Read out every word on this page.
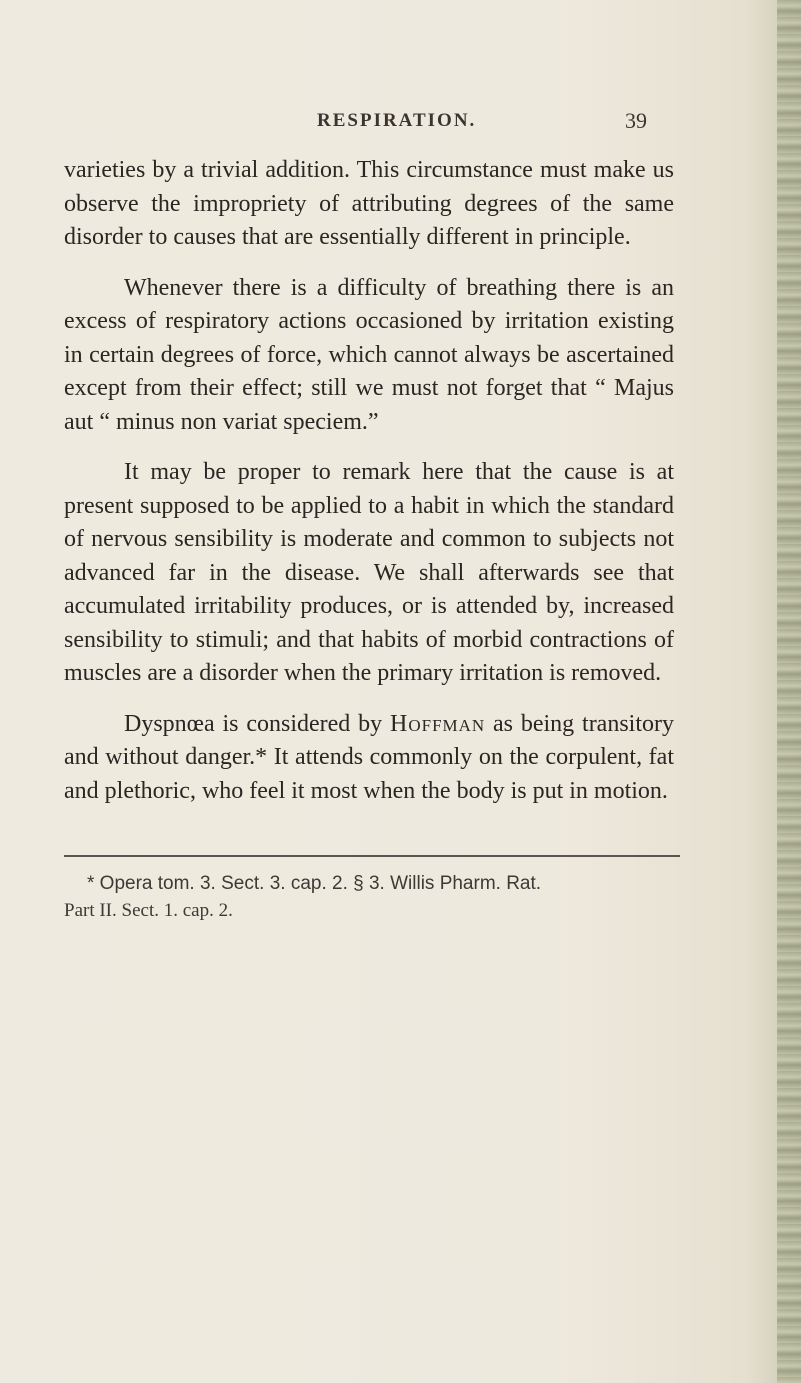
RESPIRATION.	39

varieties by a trivial addition. This circumstance must make us observe the impropriety of attributing degrees of the same disorder to causes that are essentially different in principle.

Whenever there is a difficulty of breathing there is an excess of respiratory actions occasioned by irritation existing in certain degrees of force, which cannot always be ascertained except from their effect; still we must not forget that “ Majus aut “ minus non variat speciem.”

It may be proper to remark here that the cause is at present supposed to be applied to a habit in which the standard of nervous sensibility is moderate and common to subjects not advanced far in the disease. We shall afterwards see that accumulated irritability produces, or is attended by, increased sensibility to stimuli; and that habits of morbid contractions of muscles are a disorder when the primary irritation is removed.

Dyspnœa is considered by Hoffman as being transitory and without danger.* It attends commonly on the corpulent, fat and plethoric, who feel it most when the body is put in motion.

* Opera tom. 3. Sect. 3. cap. 2. § 3. Willis Pharm. Rat.
Part II. Sect. 1. cap. 2.
